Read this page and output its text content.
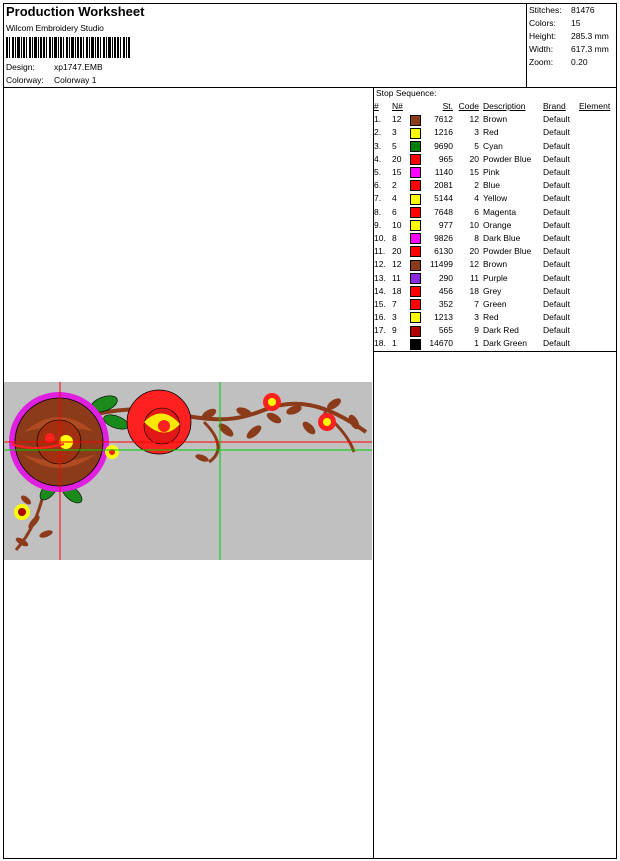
Production Worksheet
Wilcom Embroidery Studio
Design: xp1747.EMB
Colorway: Colorway 1
Stitches: 81476
Colors: 15
Height: 285.3 mm
Width: 617.3 mm
Zoom: 0.20
Stop Sequence:
#	N#		St.	Code	Description	Brand	Element
1.	12		7612	12	Brown	Default	
2.	3		1216	3	Red	Default	
3.	5		9690	5	Cyan	Default	
4.	20		965	20	Powder Blue	Default	
5.	15		1140	15	Pink	Default	
6.	2		2081	2	Blue	Default	
7.	4		5144	4	Yellow	Default	
8.	6		7648	6	Magenta	Default	
9.	10		977	10	Orange	Default	
10.	8		9826	8	Dark Blue	Default	
11.	20		6130	20	Powder Blue	Default	
12.	12		11499	12	Brown	Default	
13.	11		290	11	Purple	Default	
14.	18		456	18	Grey	Default	
15.	7		352	7	Green	Default	
16.	3		1213	3	Red	Default	
17.	9		565	9	Dark Red	Default	
18.	1		14670	1	Dark Green	Default	
